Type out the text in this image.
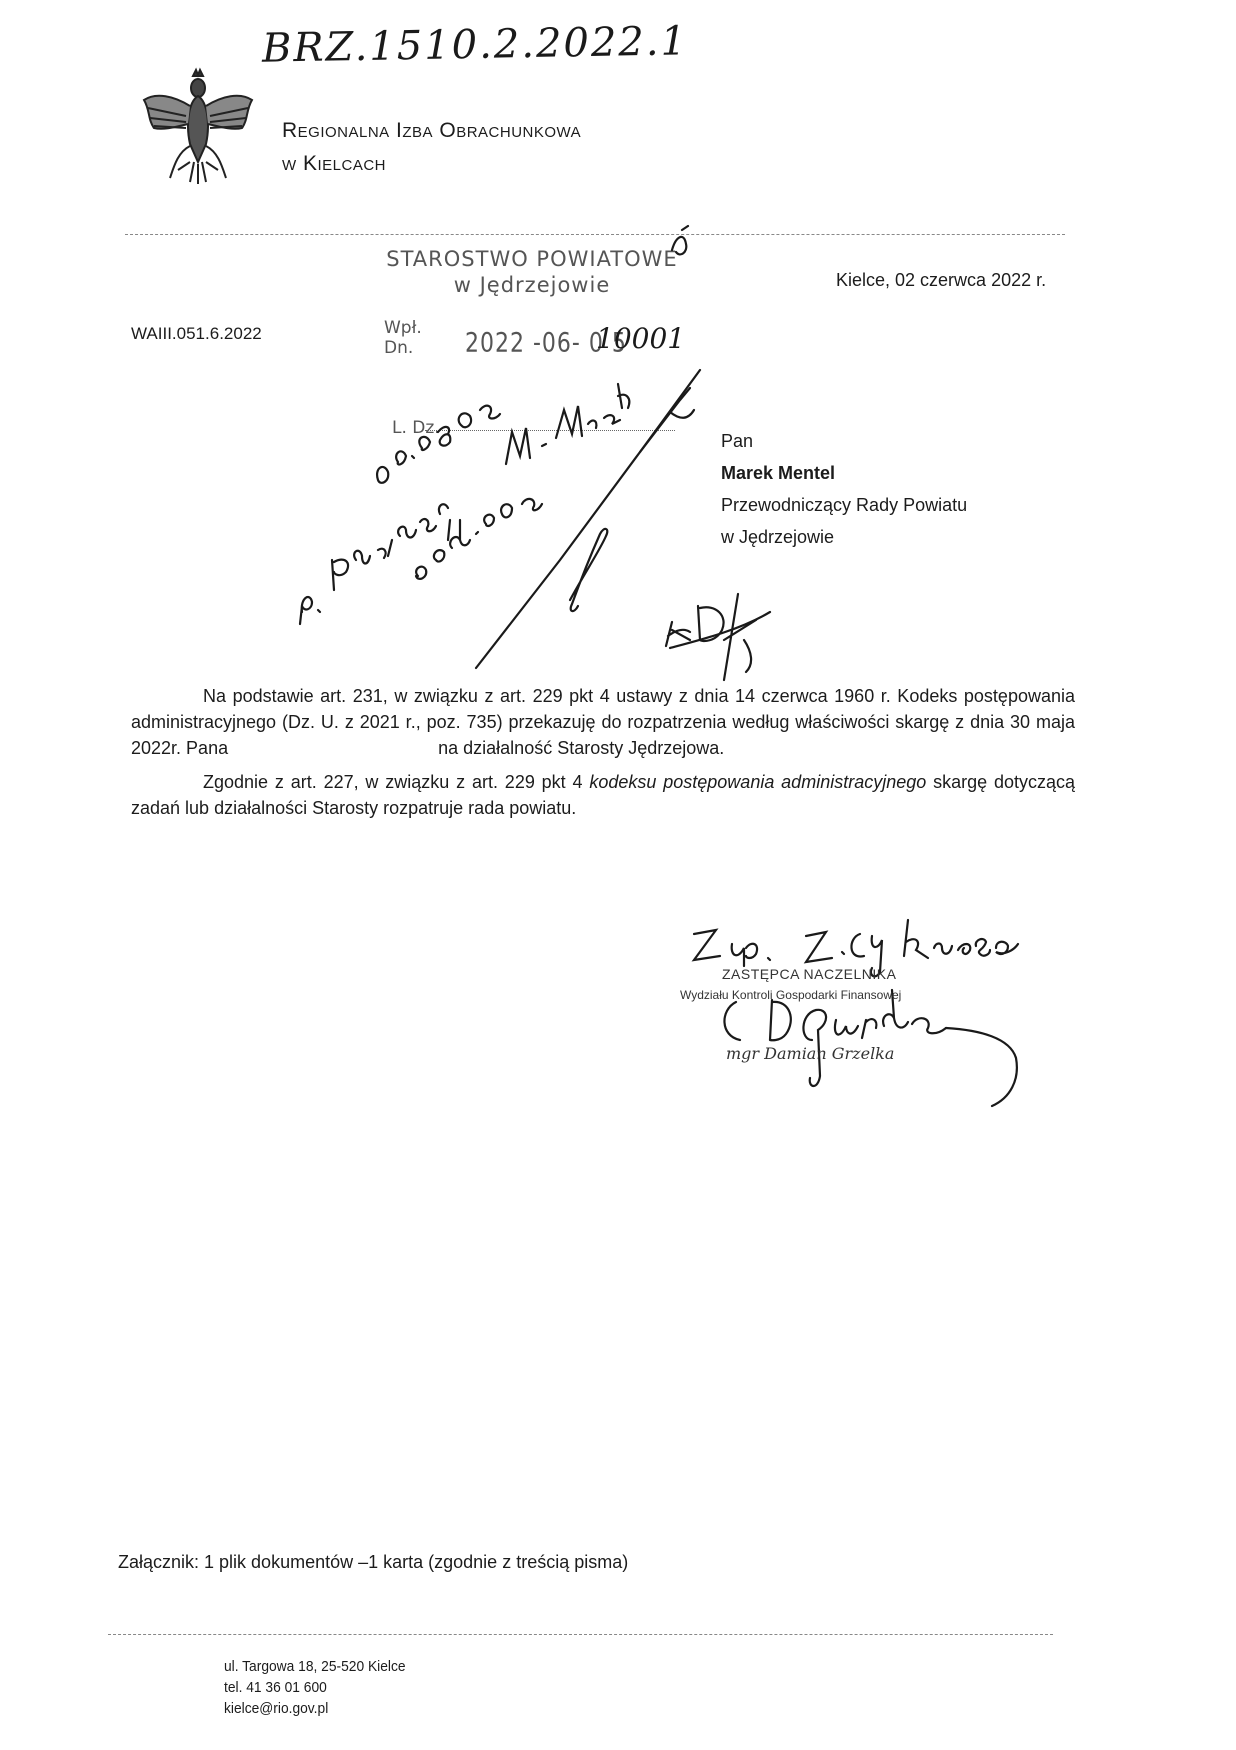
BRZ.1510.2.2022.1
Regionalna Izba Obrachunkowa
w Kielcach
STAROSTWO POWIATOWE
w Jędrzejowie	Kielce, 02 czerwca 2022 r.
WAIII.051.6.2022	Wpł.
Dn.	2022 -06- 0 5
10001
L. Dz.
Pan
Marek Mentel
Przewodniczący Rady Powiatu
w Jędrzejowie

Na podstawie art. 231, w związku z art. 229 pkt 4 ustawy z dnia 14 czerwca 1960 r. Kodeks postępowania administracyjnego (Dz. U. z 2021 r., poz. 735) przekazuję do rozpatrzenia według właściwości skargę z dnia 30 maja 2022r. Pana                                          na działalność Starosty Jędrzejowa.

Zgodnie z art. 227, w związku z art. 229 pkt 4 kodeksu postępowania administracyjnego skargę dotyczącą zadań lub działalności Starosty rozpatruje rada powiatu.

ZASTĘPCA NACZELNIKA
Wydziału Kontroli Gospodarki Finansowej
mgr Damian Grzelka
Załącznik: 1 plik dokumentów –1 karta (zgodnie z treścią pisma)
ul. Targowa 18, 25-520 Kielce
tel. 41 36 01 600
kielce@rio.gov.pl
